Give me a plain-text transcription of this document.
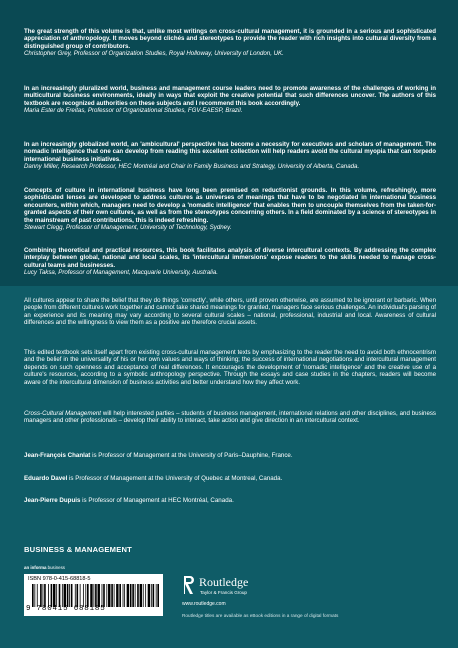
The great strength of this volume is that, unlike most writings on cross-cultural management, it is grounded in a serious and sophisticated appreciation of anthropology. It moves beyond clichés and stereotypes to provide the reader with rich insights into cultural diversity from a distinguished group of contributors.
Christopher Grey, Professor of Organization Studies, Royal Holloway, University of London, UK.
In an increasingly pluralized world, business and management course leaders need to promote awareness of the challenges of working in multicultural business environments, ideally in ways that exploit the creative potential that such differences uncover. The authors of this textbook are recognized authorities on these subjects and I recommend this book accordingly.
Maria Ester de Freitas, Professor of Organizational Studies, FGV-EAESP, Brazil.
In an increasingly globalized world, an 'ambicultural' perspective has become a necessity for executives and scholars of management. The nomadic intelligence that one can develop from reading this excellent collection will help readers avoid the cultural myopia that can torpedo international business initiatives.
Danny Miller, Research Professor, HEC Montréal and Chair in Family Business and Strategy, University of Alberta, Canada.
Concepts of culture in international business have long been premised on reductionist grounds. In this volume, refreshingly, more sophisticated lenses are developed to address cultures as universes of meanings that have to be negotiated in international business encounters, within which, managers need to develop a 'nomadic intelligence' that enables them to uncouple themselves from the taken-for-granted aspects of their own cultures, as well as from the stereotypes concerning others. In a field dominated by a science of stereotypes in the mainstream of past contributions, this is indeed refreshing.
Stewart Clegg, Professor of Management, University of Technology, Sydney.
Combining theoretical and practical resources, this book facilitates analysis of diverse intercultural contexts. By addressing the complex interplay between global, national and local scales, its 'intercultural immersions' expose readers to the skills needed to manage cross-cultural teams and businesses.
Lucy Taksa, Professor of Management, Macquarie University, Australia.
All cultures appear to share the belief that they do things 'correctly', while others, until proven otherwise, are assumed to be ignorant or barbaric. When people from different cultures work together and cannot take shared meanings for granted, managers face serious challenges. An individual's parsing of an experience and its meaning may vary according to several cultural scales – national, professional, industrial and local. Awareness of cultural differences and the willingness to view them as a positive are therefore crucial assets.
This edited textbook sets itself apart from existing cross-cultural management texts by emphasizing to the reader the need to avoid both ethnocentrism and the belief in the universality of his or her own values and ways of thinking; the success of international negotiations and intercultural management depends on such openness and acceptance of real differences. It encourages the development of 'nomadic intelligence' and the creative use of a culture's resources, according to a symbolic anthropology perspective. Through the essays and case studies in the chapters, readers will become aware of the intercultural dimension of business activities and better understand how they affect work.
Cross-Cultural Management will help interested parties – students of business management, international relations and other disciplines, and business managers and other professionals – develop their ability to interact, take action and give direction in an intercultural context.
Jean-François Chanlat is Professor of Management at the University of Paris–Dauphine, France.
Eduardo Davel is Professor of Management at the University of Quebec at Montreal, Canada.
Jean-Pierre Dupuis is Professor of Management at HEC Montréal, Canada.
BUSINESS & MANAGEMENT
an informa business
ISBN 978-0-415-68818-5
9 780415 688185
Routledge
Taylor & Francis Group
www.routledge.com
Routledge titles are available as eBook editions in a range of digital formats
